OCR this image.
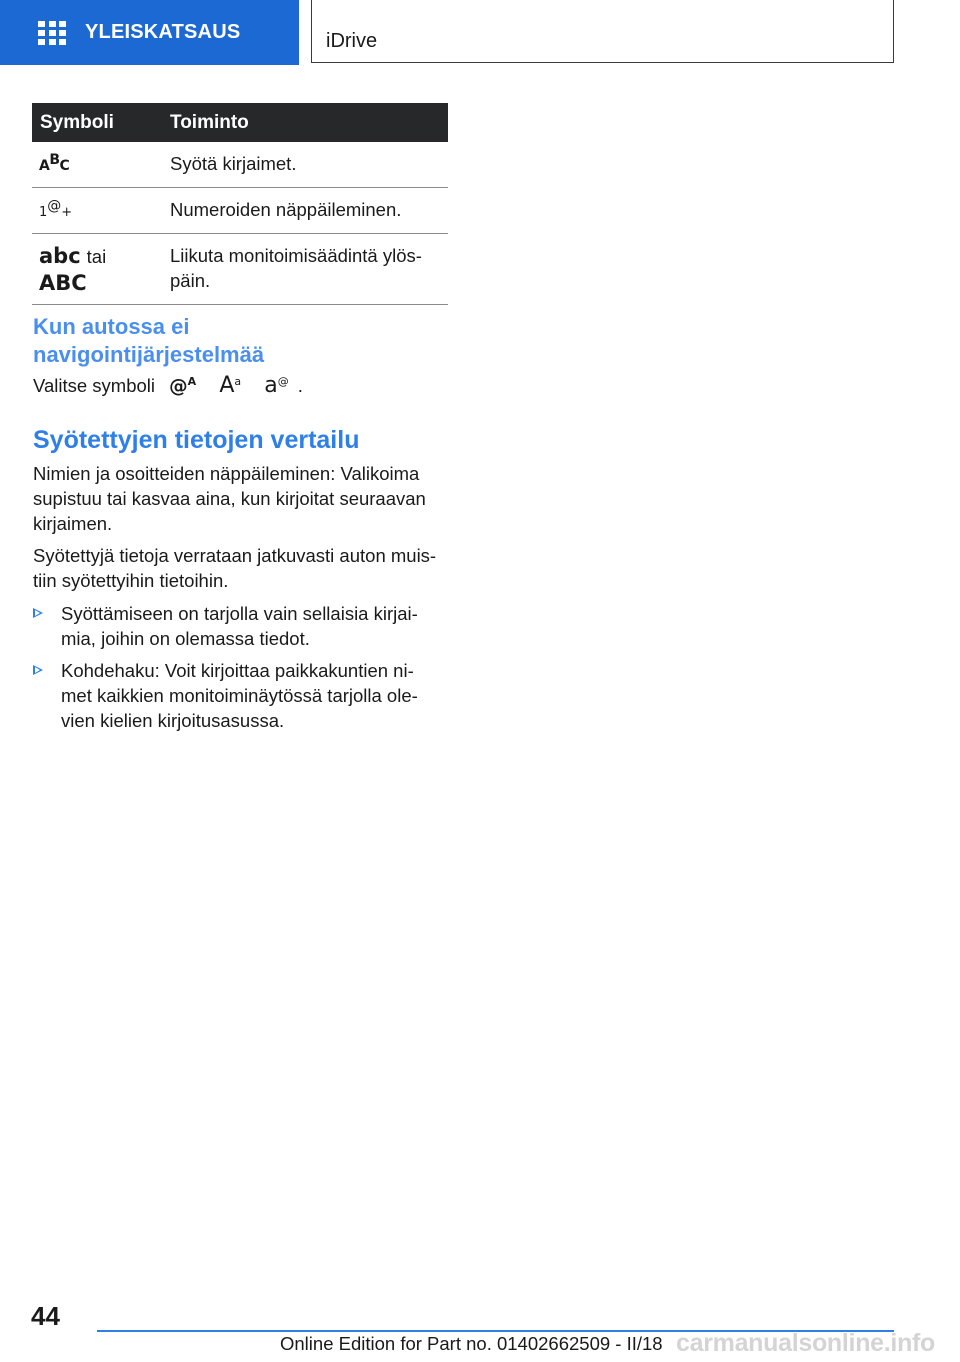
YLEISKATSAUS	iDrive
Symboli	Toiminto
ABC	Syötä kirjaimet.
1@+	Numeroiden näppäileminen.

abc tai
ABC	Liikuta monitoimisäädintä ylös-
päin.
Kun autossa ei
navigointijärjestelmää

Valitse symboli @$^A$ $A^a$ a@ .

Syötettyjen tietojen vertailu

Nimien ja osoitteiden näppäileminen: Valikoima
supistuu tai kasvaa aina, kun kirjoitat seuraavan
kirjaimen.

Syötettyjä tietoja verrataan jatkuvasti auton muis-
tiin syötettyihin tietoihin.

Syöttämiseen on tarjolla vain sellaisia kirjai-
mia, joihin on olemassa tiedot.
Kohdehaku: Voit kirjoittaa paikkakuntien ni-
met kaikkien monitoiminäytössä tarjolla ole-
vien kielien kirjoitusasussa.
44
Online Edition for Part no. 01402662509 - II/18 carmanualsonline.info
